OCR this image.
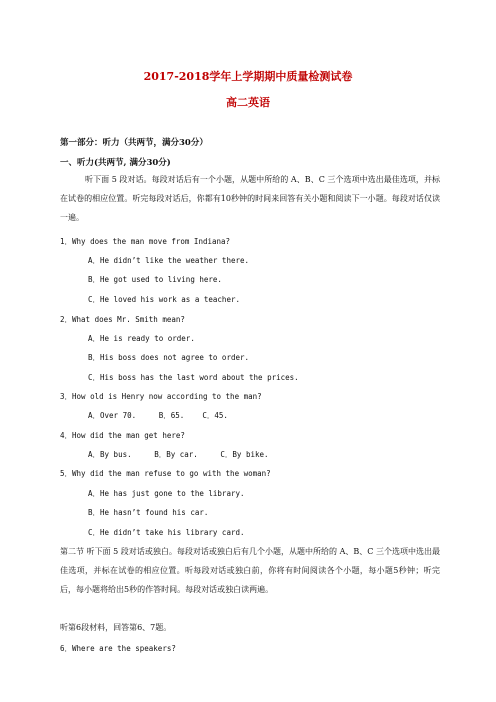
2017-2018学年上学期期中质量检测试卷
高二英语
第一部分：听力（共两节，满分30分）
一、听力(共两节, 满分30分)
听下面 5 段对话。每段对话后有一个小题，从题中所给的 A、B、C 三个选项中选出最佳选项，并标在试卷的相应位置。听完每段对话后，你都有10秒钟的时间来回答有关小题和阅读下一小题。每段对话仅读一遍。
1．Why does the man move from Indiana?
A．He didn’t like the weather there.
B．He got used to living here.
C．He loved his work as a teacher.
2．What does Mr. Smith mean?
A．He is ready to order.
B．His boss does not agree to order.
C．His boss has the last word about the prices.
3．How old is Henry now according to the man?
A．Over 70.     B．65.    C．45.
4．How did the man get here?
A．By bus.     B．By car.     C．By bike.
5．Why did the man refuse to go with the woman?
A．He has just gone to the library.
B．He hasn’t found his car.
C．He didn’t take his library card.
第二节 听下面 5 段对话或独白。每段对话或独白后有几个小题，从题中所给的 A、B、C 三个选项中选出最佳选项，并标在试卷的相应位置。听每段对话或独白前，你将有时间阅读各个小题，每小题5秒钟；听完后，每小题将给出5秒的作答时间。每段对话或独白读两遍。
听第6段材料，回答第6、7题。
6．Where are the speakers?
